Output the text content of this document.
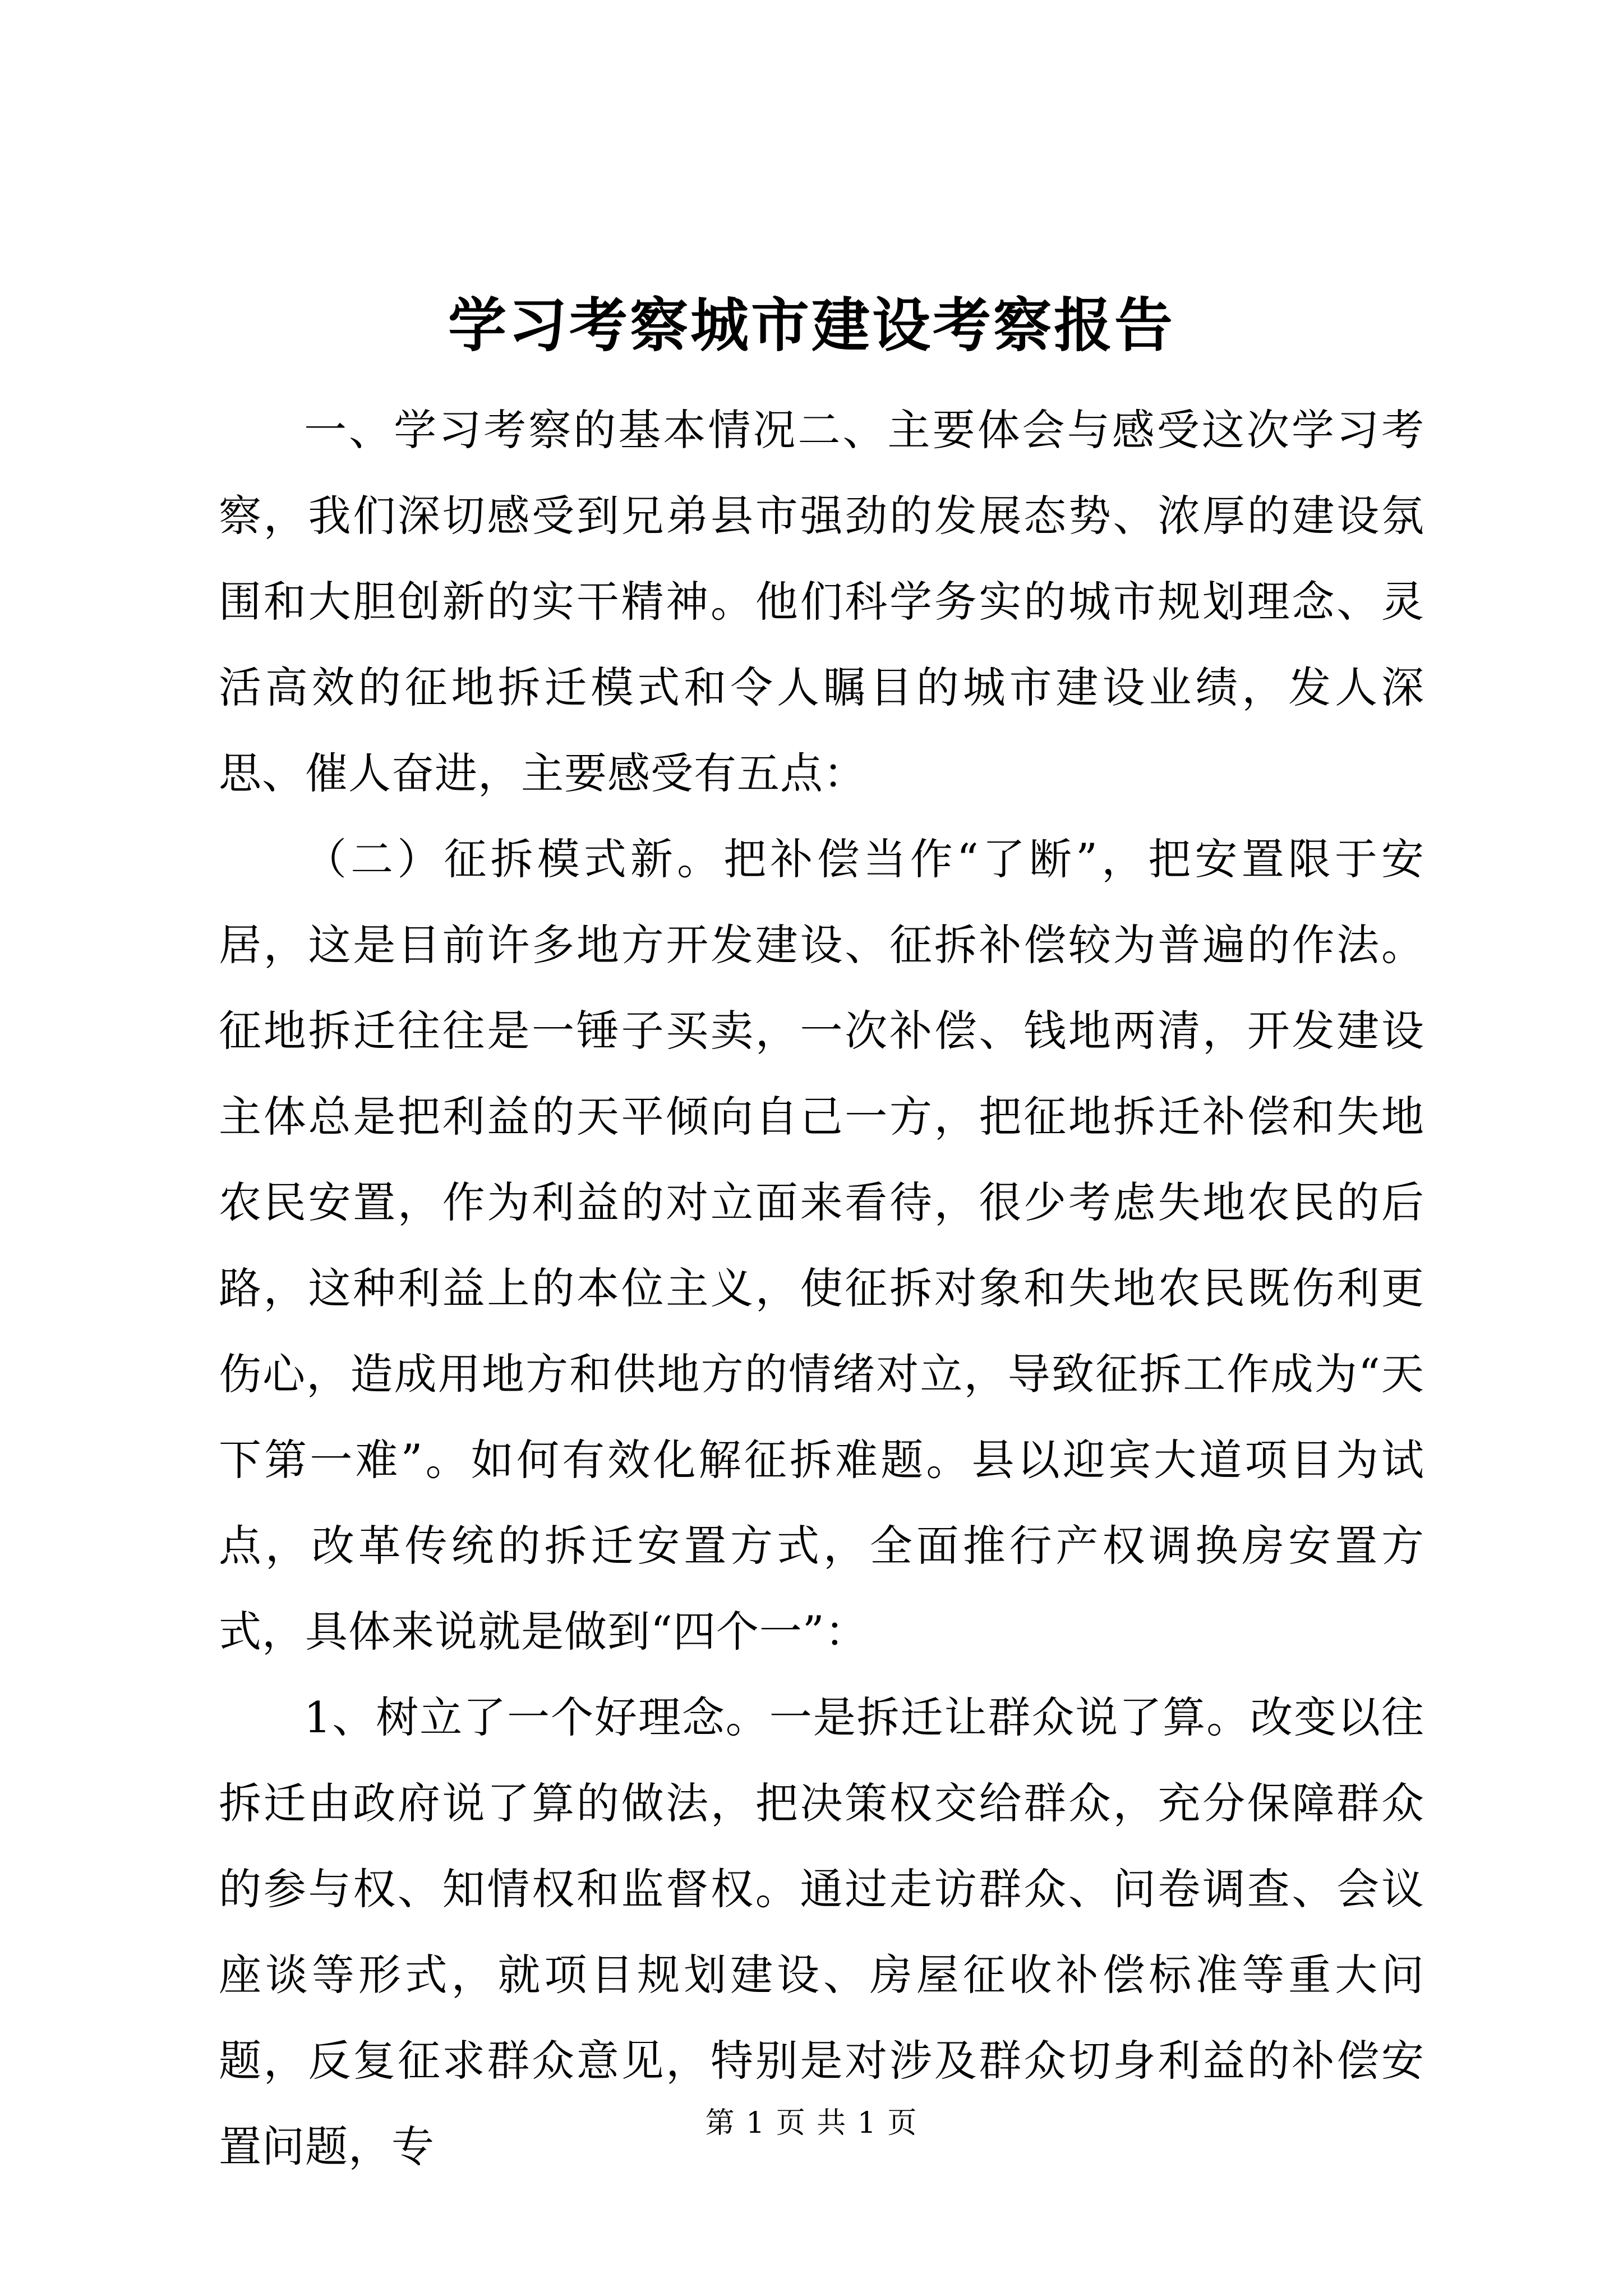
学习考察城市建设考察报告

一、学习考察的基本情况二、主要体会与感受这次学习考察，我们深切感受到兄弟县市强劲的发展态势、浓厚的建设氛围和大胆创新的实干精神。他们科学务实的城市规划理念、灵活高效的征地拆迁模式和令人瞩目的城市建设业绩，发人深思、催人奋进，主要感受有五点：

（二）征拆模式新。把补偿当作“了断”，把安置限于安居，这是目前许多地方开发建设、征拆补偿较为普遍的作法。征地拆迁往往是一锤子买卖，一次补偿、钱地两清，开发建设主体总是把利益的天平倾向自己一方，把征地拆迁补偿和失地农民安置，作为利益的对立面来看待，很少考虑失地农民的后路，这种利益上的本位主义，使征拆对象和失地农民既伤利更伤心，造成用地方和供地方的情绪对立，导致征拆工作成为“天下第一难”。如何有效化解征拆难题。县以迎宾大道项目为试点，改革传统的拆迁安置方式，全面推行产权调换房安置方式，具体来说就是做到“四个一”：

1、树立了一个好理念。一是拆迁让群众说了算。改变以往拆迁由政府说了算的做法，把决策权交给群众，充分保障群众的参与权、知情权和监督权。通过走访群众、问卷调查、会议座谈等形式，就项目规划建设、房屋征收补偿标准等重大问题，反复征求群众意见，特别是对涉及群众切身利益的补偿安置问题，专	第 1 页 共 1 页
